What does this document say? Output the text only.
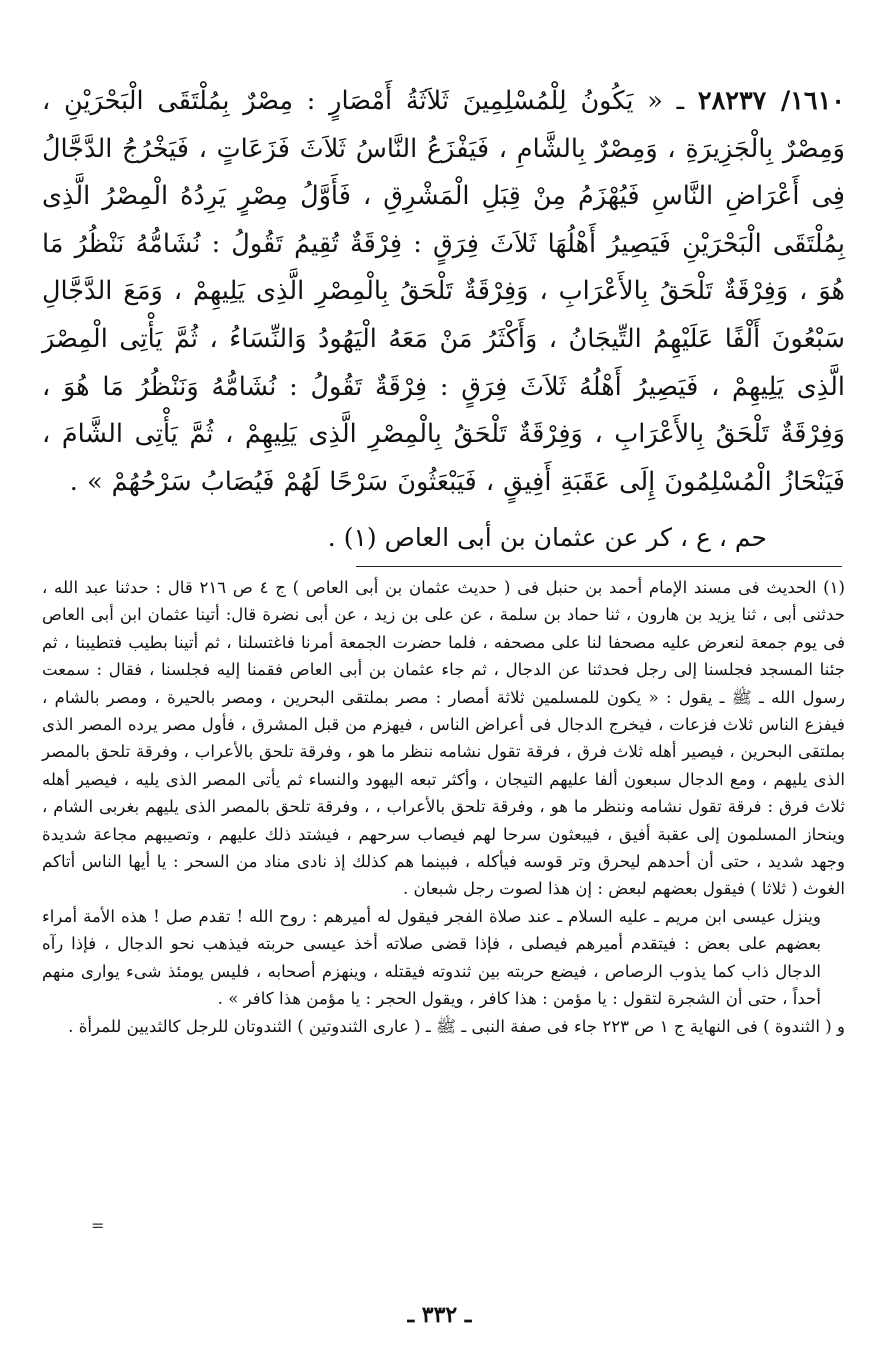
١٦١٠/ ٢٨٢٣٧ ـ « يَكُونُ لِلْمُسْلِمِينَ ثَلاَثَةُ أَمْصَارٍ : مِصْرٌ بِمُلْتَقَى الْبَحْرَيْنِ ، وَمِصْرٌ بِالْجَزِيرَةِ ، وَمِصْرٌ بِالشَّامِ ، فَيَفْزَعُ النَّاسُ ثَلاَثَ فَزَعَاتٍ ، فَيَخْرُجُ الدَّجَّالُ فِى أَعْرَاضِ النَّاسِ فَيُهْزَمُ مِنْ قِبَلِ الْمَشْرِقِ ، فَأَوَّلُ مِصْرٍ يَرِدُهُ الْمِصْرُ الَّذِى بِمُلْتَقَى الْبَحْرَيْنِ فَيَصِيرُ أَهْلُهَا ثَلاَثَ فِرَقٍ : فِرْقَةٌ تُقِيمُ تَقُولُ : نُشَامُّهُ نَنْظُرُ مَا هُوَ ، وَفِرْقَةٌ تَلْحَقُ بِالأَعْرَابِ ، وَفِرْقَةٌ تَلْحَقُ بِالْمِصْرِ الَّذِى يَلِيهِمْ ، وَمَعَ الدَّجَّالِ سَبْعُونَ أَلْفًا عَلَيْهِمُ التِّيجَانُ ، وَأَكْثَرُ مَنْ مَعَهُ الْيَهُودُ وَالنِّسَاءُ ، ثُمَّ يَأْتِى الْمِصْرَ الَّذِى يَلِيهِمْ ، فَيَصِيرُ أَهْلُهُ ثَلاَثَ فِرَقٍ : فِرْقَةٌ تَقُولُ : نُشَامُّهُ وَنَنْظُرُ مَا هُوَ ، وَفِرْقَةٌ تَلْحَقُ بِالأَعْرَابِ ، وَفِرْقَةٌ تَلْحَقُ بِالْمِصْرِ الَّذِى يَلِيهِمْ ، ثُمَّ يَأْتِى الشَّامَ ، فَيَنْحَازُ الْمُسْلِمُونَ إِلَى عَقَبَةِ أَفِيقٍ ، فَيَبْعَثُونَ سَرْحًا لَهُمْ فَيُصَابُ سَرْحُهُمْ » .

حم ، ع ، كر عن عثمان بن أبى العاص (١) .

(١) الحديث فى مسند الإمام أحمد بن حنبل فى ( حديث عثمان بن أبى العاص ) ج ٤ ص ٢١٦ قال : حدثنا عبد الله ، حدثنى أبى ، ثنا يزيد بن هارون ، ثنا حماد بن سلمة ، عن على بن زيد ، عن أبى نضرة قال: أتينا عثمان ابن أبى العاص فى يوم جمعة لنعرض عليه مصحفا لنا على مصحفه ، فلما حضرت الجمعة أمرنا فاغتسلنا ، ثم أتينا بطيب فتطيبنا ، ثم جئنا المسجد فجلسنا إلى رجل فحدثنا عن الدجال ، ثم جاء عثمان بن أبى العاص فقمنا إليه فجلسنا ، فقال : سمعت رسول الله ـ ﷺ ـ يقول : « يكون للمسلمين ثلاثة أمصار : مصر بملتقى البحرين ، ومصر بالحيرة ، ومصر بالشام ، فيفزع الناس ثلاث فزعات ، فيخرج الدجال فى أعراض الناس ، فيهزم من قبل المشرق ، فأول مصر يرده المصر الذى بملتقى البحرين ، فيصير أهله ثلاث فرق ، فرقة تقول نشامه ننظر ما هو ، وفرقة تلحق بالأعراب ، وفرقة تلحق بالمصر الذى يليهم ، ومع الدجال سبعون ألفا عليهم التيجان ، وأكثر تبعه اليهود والنساء ثم يأتى المصر الذى يليه ، فيصير أهله ثلاث فرق : فرقة تقول نشامه وننظر ما هو ، وفرقة تلحق بالأعراب ، ، وفرقة تلحق بالمصر الذى يليهم بغربى الشام ، وينحاز المسلمون إلى عقبة أفيق ، فيبعثون سرحا لهم فيصاب سرحهم ، فيشتد ذلك عليهم ، وتصيبهم مجاعة شديدة وجهد شديد ، حتى أن أحدهم ليحرق وتر قوسه فيأكله ، فبينما هم كذلك إذ نادى مناد من السحر : يا أيها الناس أتاكم الغوث ( ثلاثا ) فيقول بعضهم لبعض : إن هذا لصوت رجل شبعان .

وينزل عيسى ابن مريم ـ عليه السلام ـ عند صلاة الفجر فيقول له أميرهم : روح الله ! تقدم صل ! هذه الأمة أمراء بعضهم على بعض : فيتقدم أميرهم فيصلى ، فإذا قضى صلاته أخذ عيسى حربته فيذهب نحو الدجال ، فإذا رآه الدجال ذاب كما يذوب الرصاص ، فيضع حربته بين ثندوته فيقتله ، وينهزم أصحابه ، فليس يومئذ شىء يوارى منهم أحداً ، حتى أن الشجرة لتقول : يا مؤمن : هذا كافر ، ويقول الحجر : يا مؤمن هذا كافر » .

و ( الثندوة ) فى النهاية ج ١ ص ٢٢٣ جاء فى صفة النبى ـ ﷺ ـ ( عارى الثندوتين ) الثندوتان للرجل كالثديين للمرأة .

=
ـ ٣٣٢ ـ
